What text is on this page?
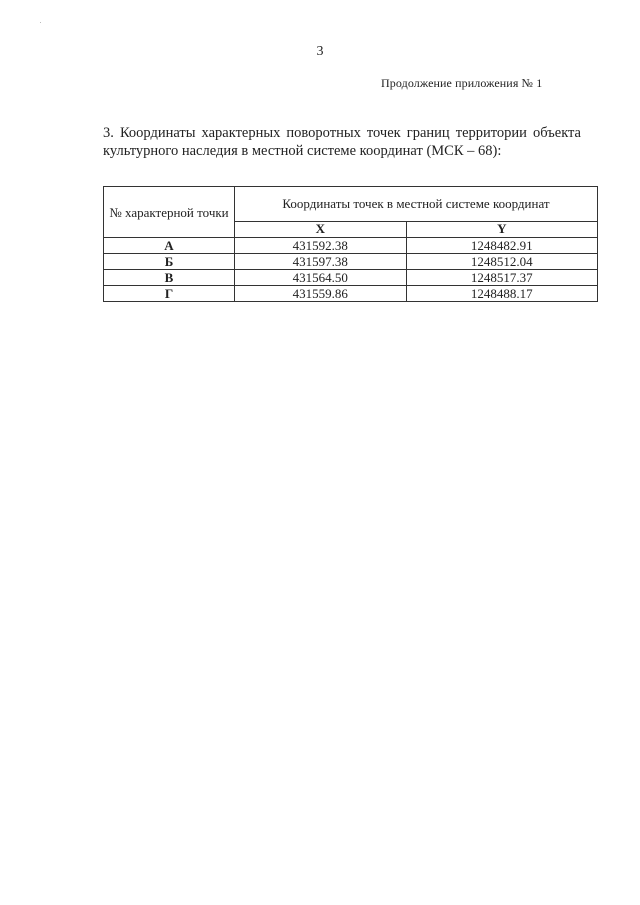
3
Продолжение приложения № 1
3. Координаты характерных поворотных точек границ территории объекта культурного наследия в местной системе координат (МСК – 68):
№ характерной точки	Координаты точек в местной системе координат	
	X	Y
А	431592.38	1248482.91
Б	431597.38	1248512.04
В	431564.50	1248517.37
Г	431559.86	1248488.17
